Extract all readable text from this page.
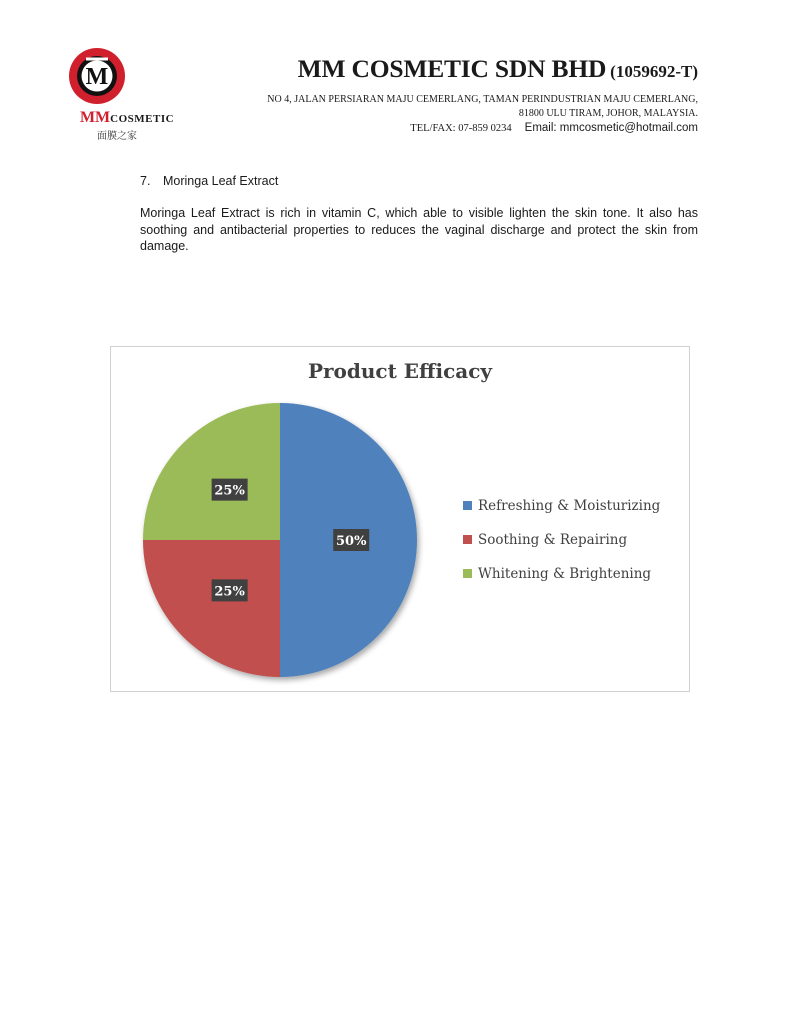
M
MMCOSMETIC
面膜之家
MM COSMETIC SDN BHD (1059692-T)
NO 4, JALAN PERSIARAN MAJU CEMERLANG, TAMAN PERINDUSTRIAN MAJU CEMERLANG,
81800 ULU TIRAM, JOHOR, MALAYSIA.
TEL/FAX: 07-859 0234 Email: mmcosmetic@hotmail.com
7. Moringa Leaf Extract
Moringa Leaf Extract is rich in vitamin C, which able to visible lighten the skin tone. It also has soothing and antibacterial properties to reduces the vaginal discharge and protect the skin from damage.
Product Efficacy
50%
25%
25%
Refreshing & Moisturizing
Soothing & Repairing
Whitening & Brightening
